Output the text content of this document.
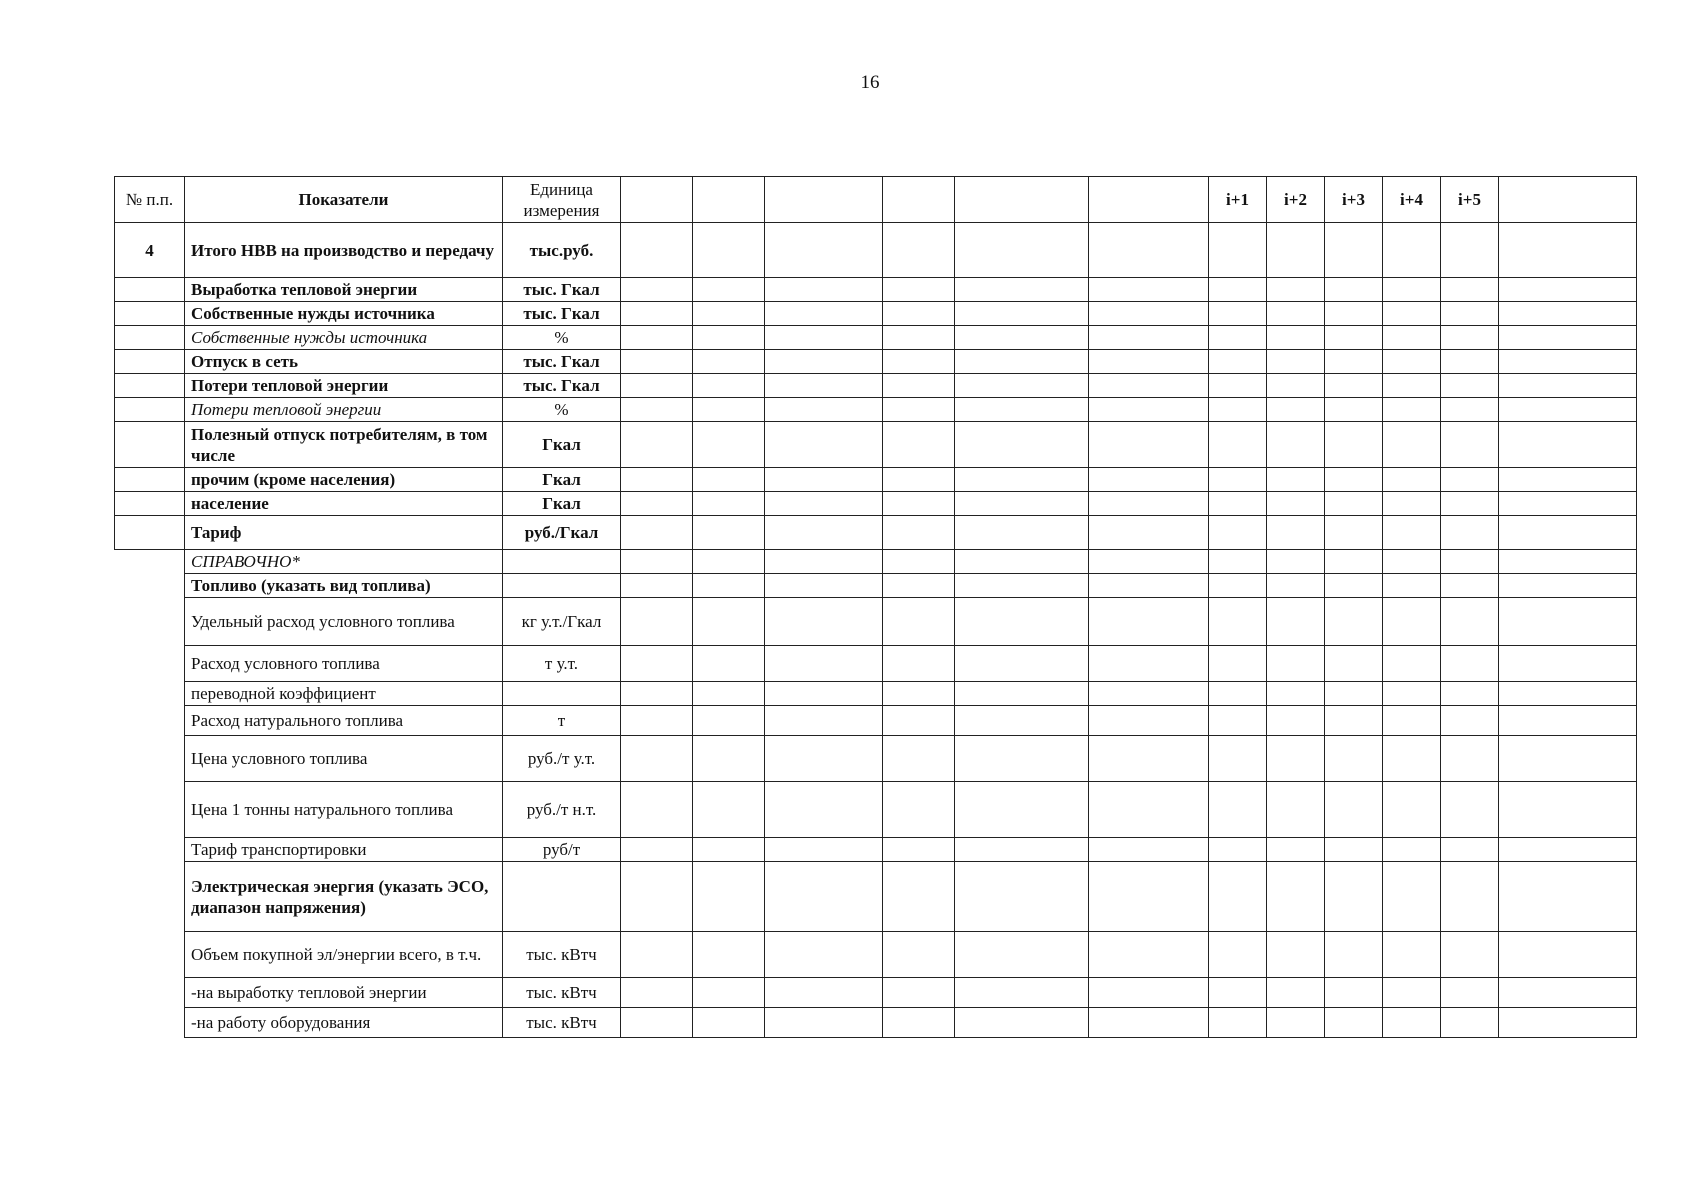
16
№ п.п.	Показатели	Единица измерения							i+1	i+2	i+3	i+4	i+5	
4	Итого НВВ на производство и передачу	тыс.руб.												
	Выработка тепловой энергии	тыс. Гкал												
	Собственные нужды источника	тыс. Гкал												
	Собственные нужды источника	%												
	Отпуск в сеть	тыс. Гкал												
	Потери тепловой энергии	тыс. Гкал												
	Потери тепловой энергии	%												
	Полезный отпуск потребителям, в том числе	Гкал												
	прочим (кроме населения)	Гкал												
	население	Гкал												
	Тариф	руб./Гкал												
	СПРАВОЧНО*													
	Топливо (указать вид топлива)													
	Удельный расход условного топлива	кг у.т./Гкал												
	Расход условного топлива	т у.т.												
	переводной коэффициент													
	Расход натурального топлива	т												
	Цена условного топлива	руб./т у.т.												
	Цена 1 тонны натурального топлива	руб./т н.т.												
	Тариф транспортировки	руб/т												
	Электрическая энергия (указать ЭСО, диапазон напряжения)													
	Объем покупной эл/энергии всего, в т.ч.	тыс. кВтч												
	-на выработку тепловой энергии	тыс. кВтч												
	-на работу оборудования	тыс. кВтч												
